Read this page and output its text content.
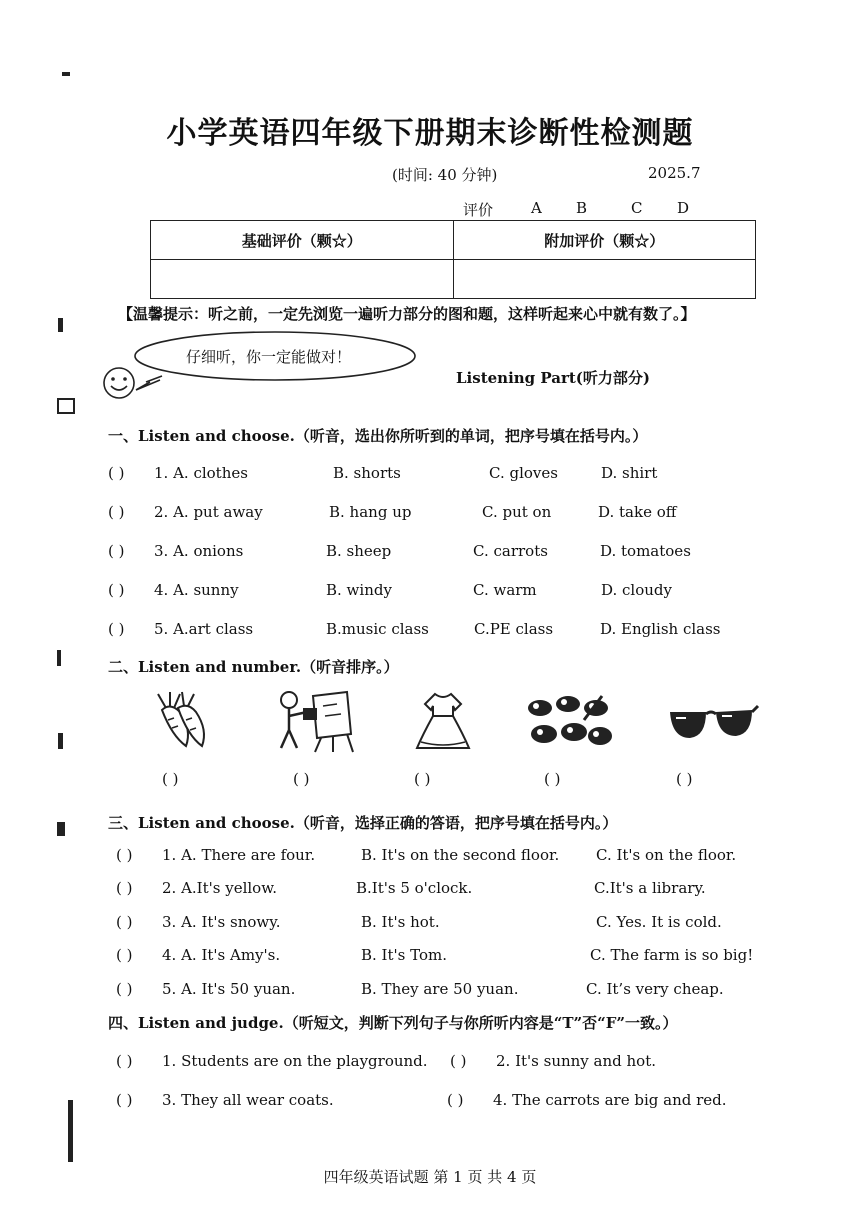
小学英语四年级下册期末诊断性检测题
(时间: 40 分钟)	2025.7
评价	A B	C D
基础评价（颗☆）	附加评价（颗☆）

【温馨提示：听之前，一定先浏览一遍听力部分的图和题，这样听起来心中就有数了。】
仔细听，你一定能做对！
Listening Part(听力部分)
一、Listen and choose.（听音，选出你所听到的单词，把序号填在括号内。）
( ) 1. A. clothes	B. shorts	C. gloves	D. shirt
( ) 2. A. put away	B. hang up	C. put on	D. take off
( ) 3. A. onions	B. sheep	C. carrots	D. tomatoes
( ) 4. A. sunny	B. windy	C. warm	D. cloudy
( ) 5. A.art class	B.music class	C.PE class	D. English class
二、Listen and number.（听音排序。）
( )	( )	( )	( )	( )
三、Listen and choose.（听音，选择正确的答语，把序号填在括号内。）
( ) 1. A. There are four.	B. It's on the second floor. C. It's on the floor.
( ) 2. A.It's yellow.	B.It's 5 o'clock.	C.It's a library.
( ) 3. A. It's snowy.	B. It's hot.	C. Yes. It is cold.
( ) 4. A. It's Amy's.	B. It's Tom.	C. The farm is so big!
( ) 5. A. It's 50 yuan.	B. They are 50 yuan.	C. It’s very cheap.
四、Listen and judge.（听短文，判断下列句子与你所听内容是“T”否“F”一致。）
( ) 1. Students are on the playground. ( ) 2. It's sunny and hot.
( ) 3. They all wear coats.	( ) 4. The carrots are big and red.
四年级英语试题 第 1 页 共 4 页
